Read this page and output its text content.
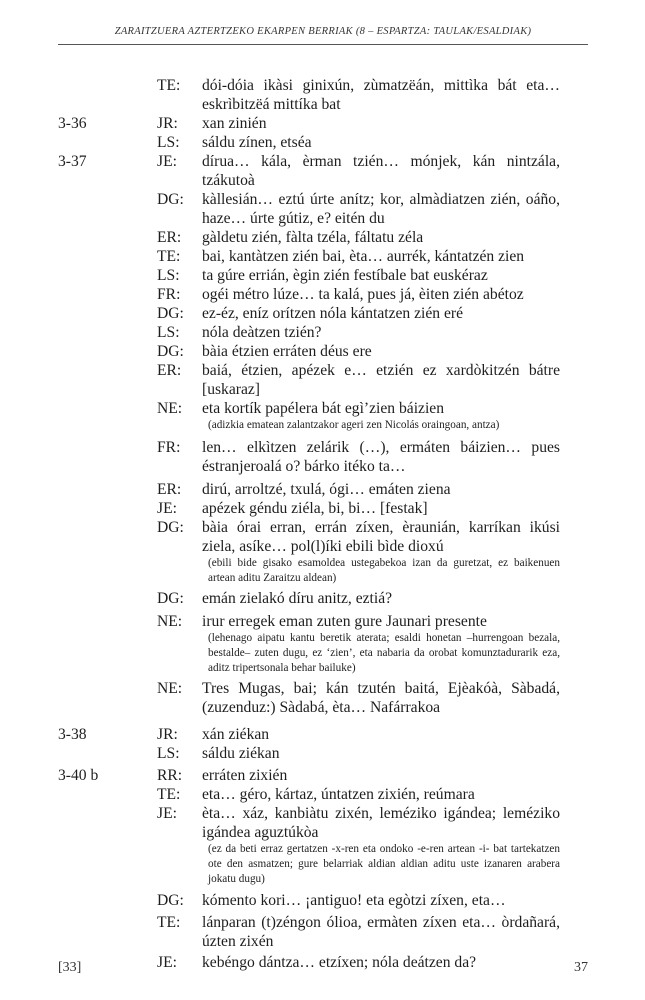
ZARAITZUERA AZTERTZEKO EKARPEN BERRIAK (8 – ESPARTZA: TAULAK/ESALDIAK)
TE: dói-dóia ikàsi ginixún, zùmatzëán, mittìka bát eta… eskrìbitzëá mittíka bat
3-36	JR: xan zinién
LS: sáldu zínen, etséa
3-37	JE: dírua… kála, èrman tzién… mónjek, kán nintzála, tzákutoà
DG: kàllesián… eztú úrte anítz; kor, almàdiatzen zién, oáño, haze… úrte gútiz, e? eitén du
ER: gàldetu zién, fàlta tzéla, fáltatu zéla
TE: bai, kantàtzen zién bai, èta… aurrék, kántatzén zien
LS: ta gúre errián, ègin zién festíbale bat euskéraz
FR: ogéi métro lúze… ta kalá, pues já, èiten zién abétoz
DG: ez-éz, eníz orítzen nóla kántatzen zién eré
LS: nóla deàtzen tzién?
DG: bàia étzien erráten déus ere
ER: baiá, étzien, apézek e… etzién ez xardòkitzén bátre [uskaraz]
NE: eta kortík papélera bát egì’zien báizien
(adizkia ematean zalantzakor ageri zen Nicolás oraingoan, antza)
FR: len… elkìtzen zelárik (…), ermáten báizien… pues éstranjeroalá o? bárko itéko ta…
ER: dirú, arroltzé, txulá, ógi… emáten ziena
JE: apézek géndu ziéla, bi, bi… [festak]
DG: bàia órai erran, errán zíxen, èraunián, karríkan ikúsi ziela, asíke… pol(l)íki ebili bìde dioxú
(ebili bide gisako esamoldea ustegabekoa izan da guretzat, ez baikenuen artean aditu Zaraitzu aldean)
DG: emán zielakó díru anitz, eztiá?
NE: irur erregek eman zuten gure Jaunari presente
(lehenago aipatu kantu beretik aterata; esaldi honetan –hurrengoan bezala, bestalde– zuten dugu, ez ‘zien’, eta nabaria da orobat komunztadurarik eza, aditz tripertsonala behar bailuke)
NE: Tres Mugas, bai; kán tzutén baitá, Ejèakóà, Sàbadá, (zuzenduz:) Sàdabá, èta… Nafárrakoa
3-38	JR: xán ziékan
LS: sáldu ziékan
3-40 b	RR: erráten zixién
TE: eta… géro, kártaz, úntatzen zixién, reúmara
JE: èta… xáz, kanbiàtu zixén, leméziko igándea; leméziko igándea aguztúkòa
(ez da beti erraz gertatzen -x-ren eta ondoko -e-ren artean -i- bat tartekatzen ote den asmatzen; gure belarriak aldian aldian aditu uste izanaren arabera jokatu dugu)
DG: kómento kori… ¡antiguo! eta egòtzi zíxen, eta…
TE: lánparan (t)zéngon ólioa, ermàten zíxen eta… òrdañará, úzten zixén
JE: kebéngo dántza… etzíxen; nóla deátzen da?
[33]	37
